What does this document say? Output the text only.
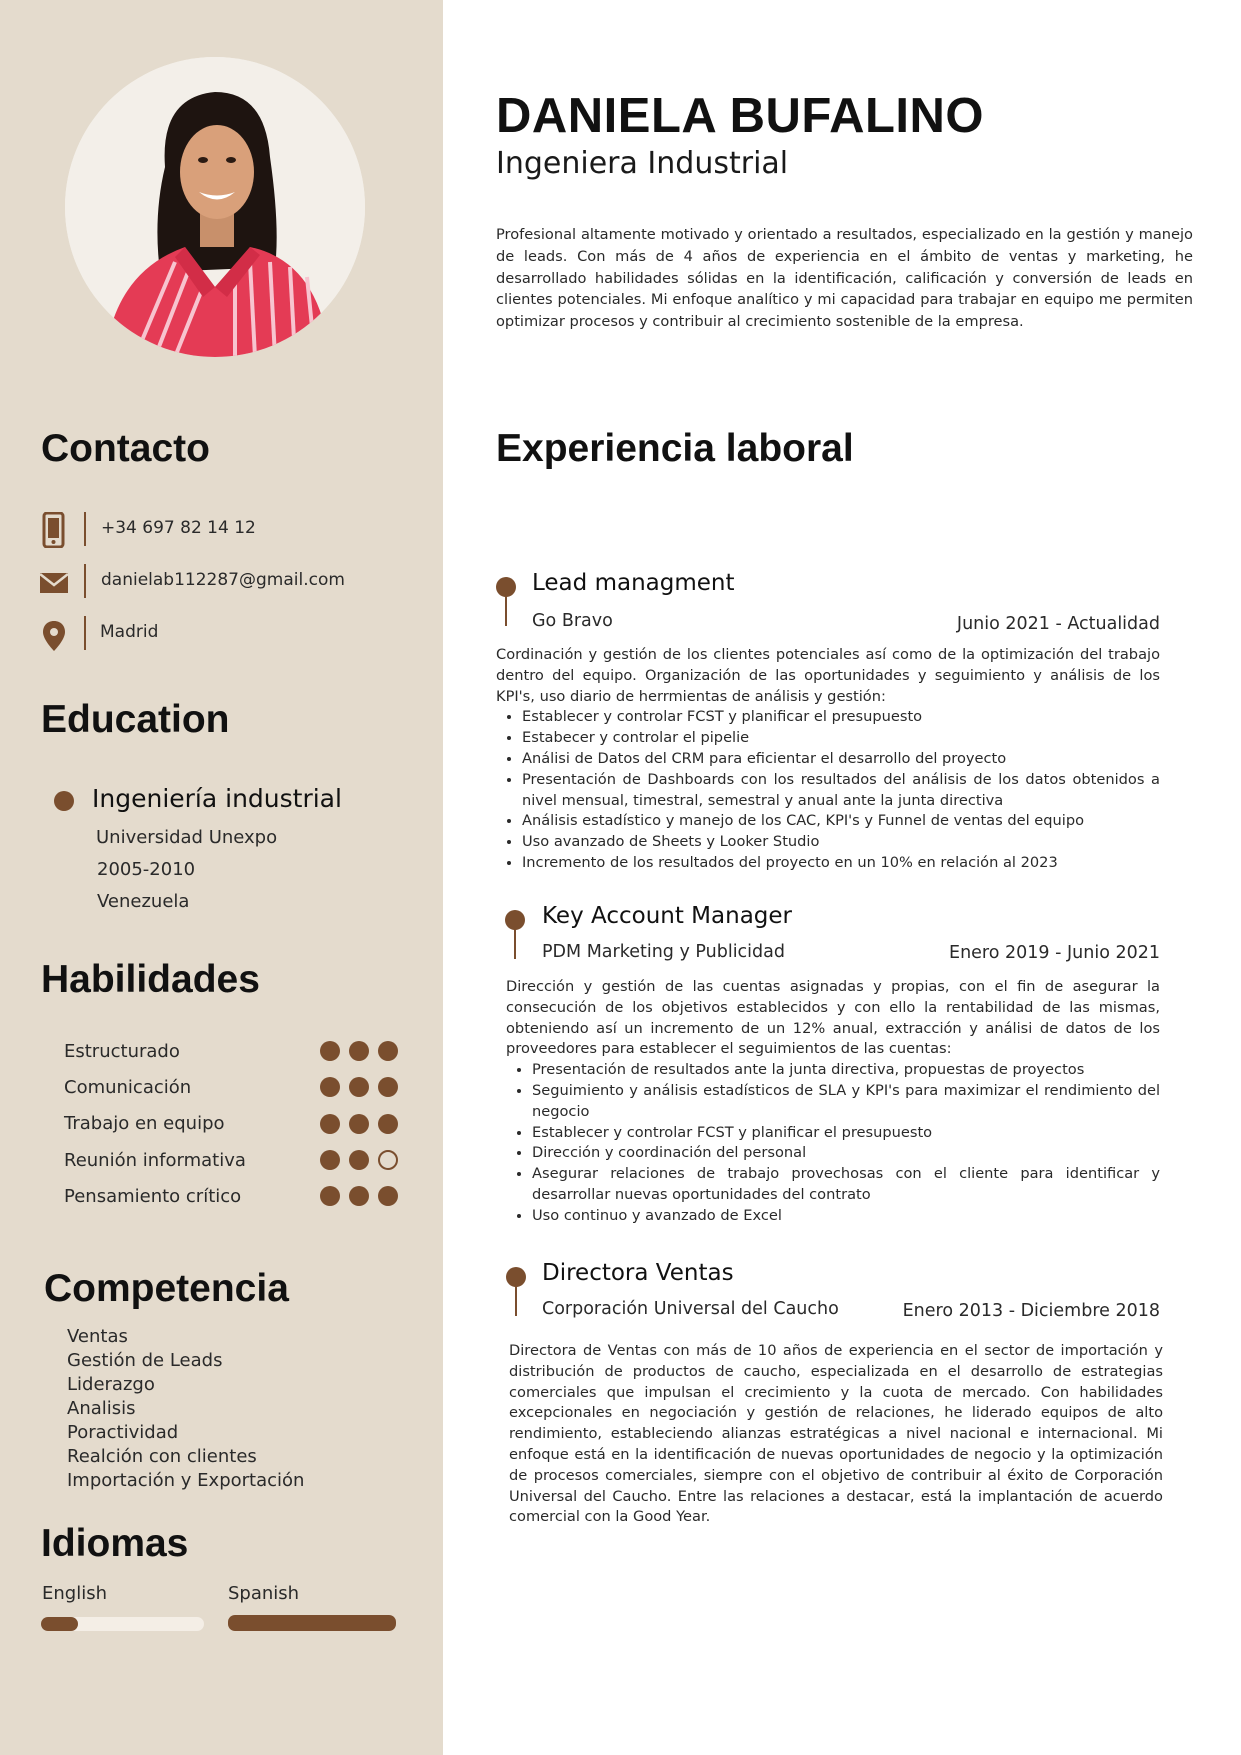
Contacto
+34 697 82 14 12
danielab112287@gmail.com
Madrid
Education
Ingeniería industrial
Universidad Unexpo
2005-2010
Venezuela
Habilidades
Estructurado
Comunicación
Trabajo en equipo
Reunión informativa
Pensamiento crítico
Competencia
Ventas
Gestión de Leads
Liderazgo
Analisis
Poractividad
Realción con clientes
Importación y Exportación
Idiomas
English	Spanish
DANIELA BUFALINO
Ingeniera Industrial
Profesional altamente motivado y orientado a resultados, especializado en la gestión y manejo de leads. Con más de 4 años de experiencia en el ámbito de ventas y marketing, he desarrollado habilidades sólidas en la identificación, calificación y conversión de leads en clientes potenciales. Mi enfoque analítico y mi capacidad para trabajar en equipo me permiten optimizar procesos y contribuir al crecimiento sostenible de la empresa.
Experiencia laboral
Lead managment
Go Bravo	Junio 2021 - Actualidad
Cordinación y gestión de los clientes potenciales así como de la optimización del trabajo dentro del equipo. Organización de las oportunidades y seguimiento y análisis de los KPI's, uso diario de herrmientas de análisis y gestión:
• Establecer y controlar FCST y planificar el presupuesto
• Estabecer y controlar el pipelie
• Análisi de Datos del CRM para eficientar el desarrollo del proyecto
• Presentación de Dashboards con los resultados del análisis de los datos obtenidos a nivel mensual, timestral, semestral y anual ante la junta directiva
• Análisis estadístico y manejo de los CAC, KPI's y Funnel de ventas del equipo
• Uso avanzado de Sheets y Looker Studio
• Incremento de los resultados del proyecto en un 10% en relación al 2023
Key Account Manager
PDM Marketing y Publicidad	Enero 2019 - Junio 2021
Dirección y gestión de las cuentas asignadas y propias, con el fin de asegurar la consecución de los objetivos establecidos y con ello la rentabilidad de las mismas, obteniendo así un incremento de un 12% anual, extracción y análisi de datos de los proveedores para establecer el seguimientos de las cuentas:
• Presentación de resultados ante la junta directiva, propuestas de proyectos
• Seguimiento y análisis estadísticos de SLA y KPI's para maximizar el rendimiento del negocio
• Establecer y controlar FCST y planificar el presupuesto
• Dirección y coordinación del personal
• Asegurar relaciones de trabajo provechosas con el cliente para identificar y desarrollar nuevas oportunidades del contrato
• Uso continuo y avanzado de Excel
Directora Ventas
Corporación Universal del Caucho	Enero 2013 - Diciembre 2018
Directora de Ventas con más de 10 años de experiencia en el sector de importación y distribución de productos de caucho, especializada en el desarrollo de estrategias comerciales que impulsan el crecimiento y la cuota de mercado. Con habilidades excepcionales en negociación y gestión de relaciones, he liderado equipos de alto rendimiento, estableciendo alianzas estratégicas a nivel nacional e internacional. Mi enfoque está en la identificación de nuevas oportunidades de negocio y la optimización de procesos comerciales, siempre con el objetivo de contribuir al éxito de Corporación Universal del Caucho. Entre las relaciones a destacar, está la implantación de acuerdo comercial con la Good Year.
